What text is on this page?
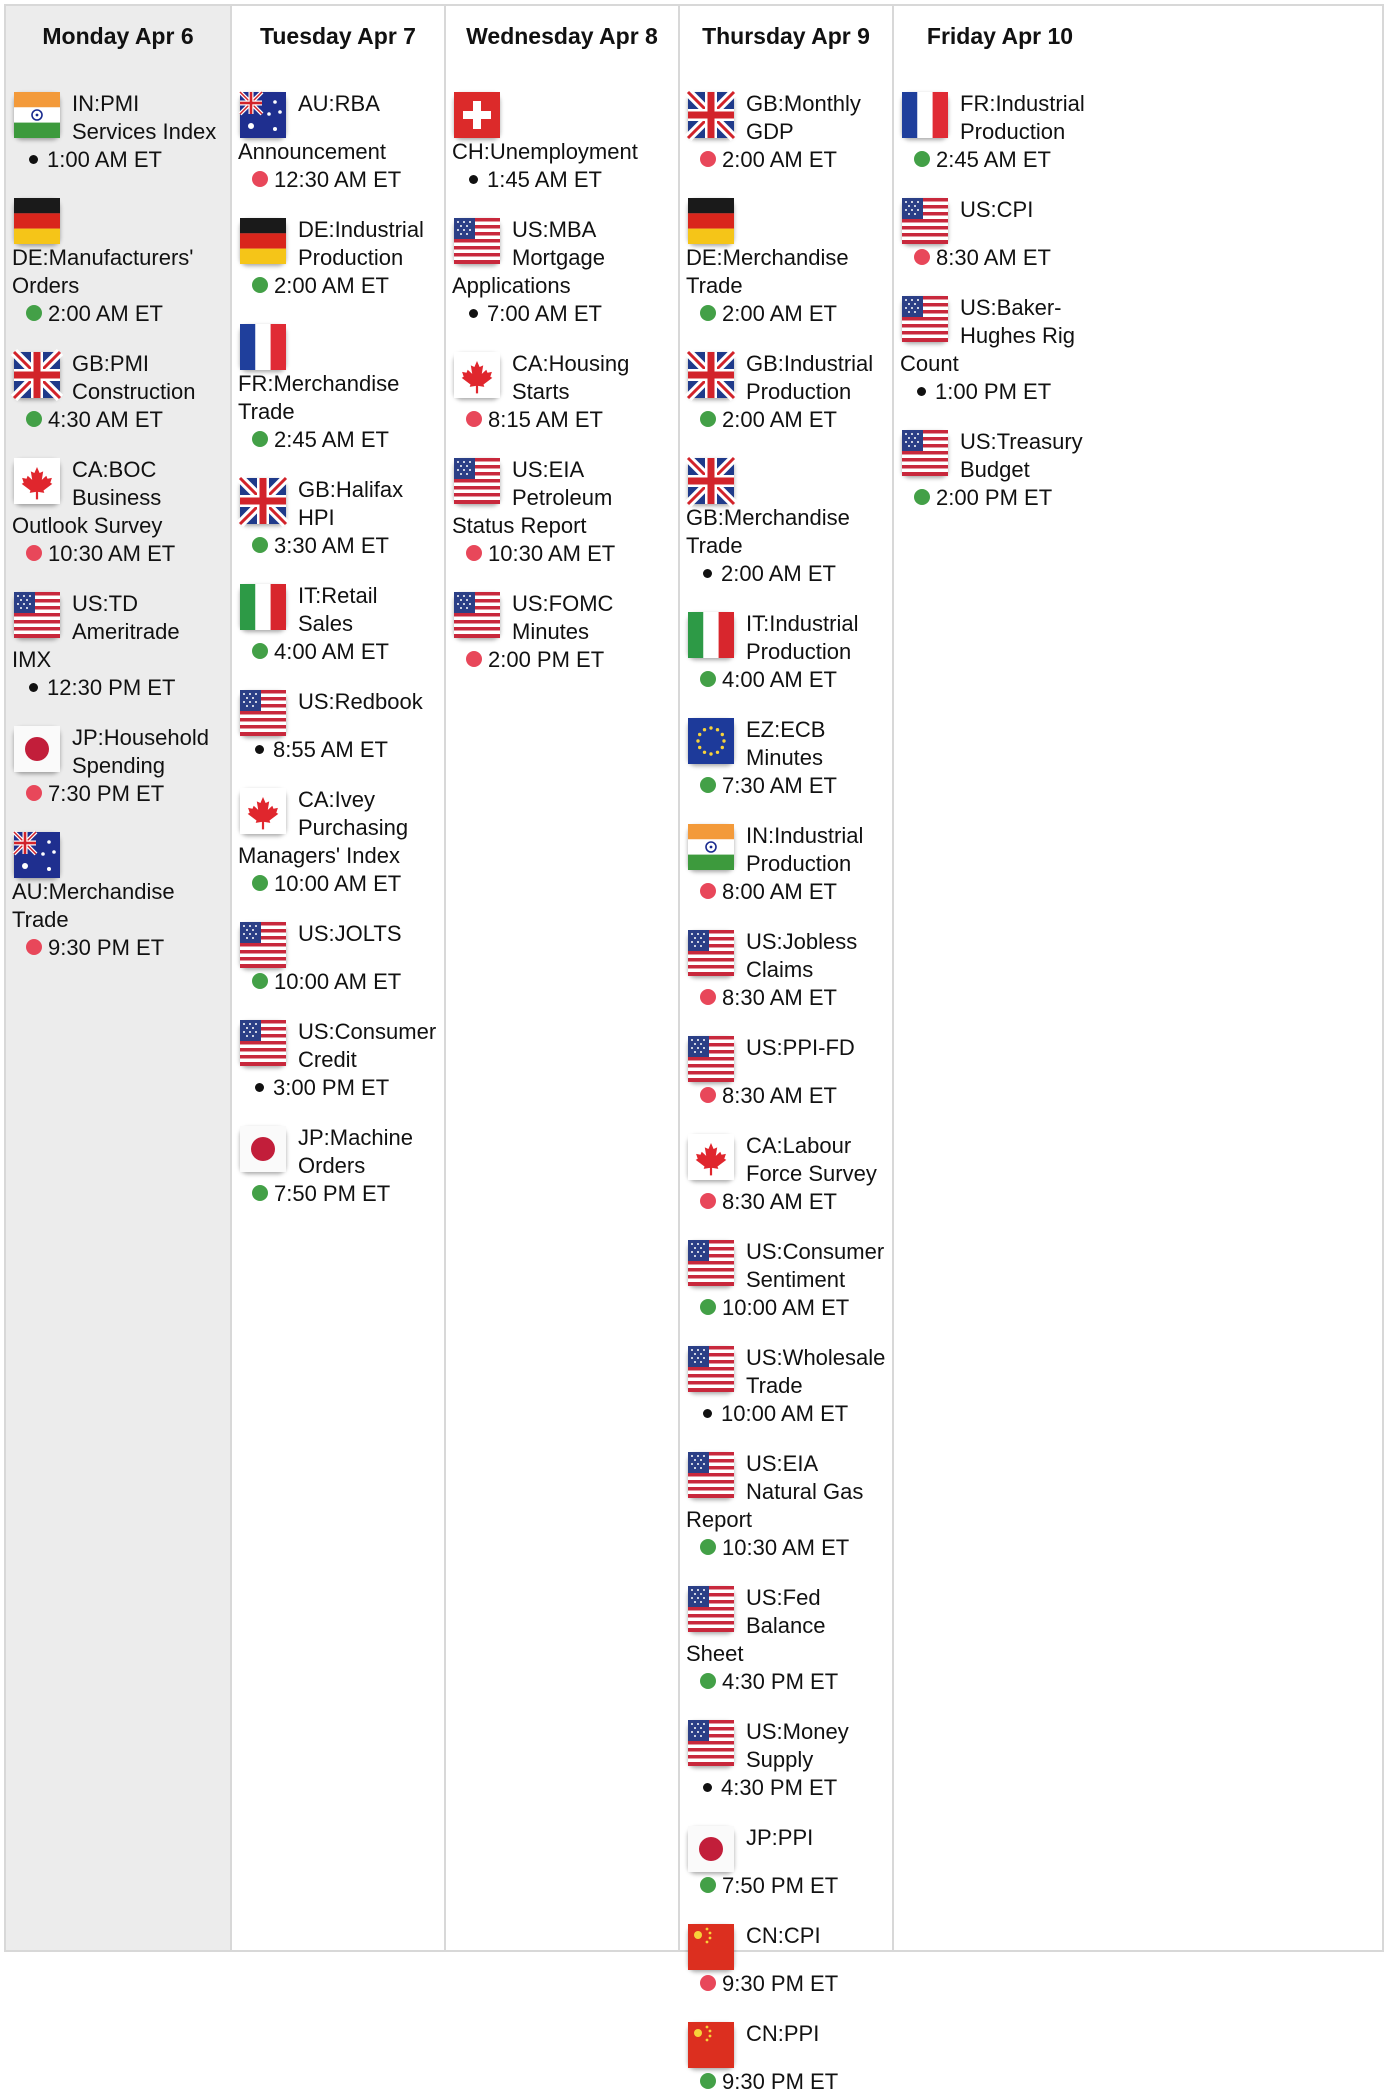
Monday Apr 6
IN:PMI Services Index
1:00 AM ET
DE:Manufacturers' Orders
2:00 AM ET
GB:PMI Construction
4:30 AM ET
CA:BOC Business Outlook Survey
10:30 AM ET
US:TD Ameritrade IMX
12:30 PM ET
JP:Household Spending
7:30 PM ET
AU:Merchandise Trade
9:30 PM ET
Tuesday Apr 7
AU:RBA Announcement
12:30 AM ET
DE:Industrial Production
2:00 AM ET
FR:Merchandise Trade
2:45 AM ET
GB:Halifax HPI
3:30 AM ET
IT:Retail Sales
4:00 AM ET
US:Redbook
8:55 AM ET
CA:Ivey Purchasing Managers' Index
10:00 AM ET
US:JOLTS
10:00 AM ET
US:Consumer Credit
3:00 PM ET
JP:Machine Orders
7:50 PM ET
Wednesday Apr 8
CH:Unemployment
1:45 AM ET
US:MBA Mortgage Applications
7:00 AM ET
CA:Housing Starts
8:15 AM ET
US:EIA Petroleum Status Report
10:30 AM ET
US:FOMC Minutes
2:00 PM ET
Thursday Apr 9
GB:Monthly GDP
2:00 AM ET
DE:Merchandise Trade
2:00 AM ET
GB:Industrial Production
2:00 AM ET
GB:Merchandise Trade
2:00 AM ET
IT:Industrial Production
4:00 AM ET
EZ:ECB Minutes
7:30 AM ET
IN:Industrial Production
8:00 AM ET
US:Jobless Claims
8:30 AM ET
US:PPI-FD
8:30 AM ET
CA:Labour Force Survey
8:30 AM ET
US:Consumer Sentiment
10:00 AM ET
US:Wholesale Trade
10:00 AM ET
US:EIA Natural Gas Report
10:30 AM ET
US:Fed Balance Sheet
4:30 PM ET
US:Money Supply
4:30 PM ET
JP:PPI
7:50 PM ET
CN:CPI
9:30 PM ET
CN:PPI
9:30 PM ET
Friday Apr 10
FR:Industrial Production
2:45 AM ET
US:CPI
8:30 AM ET
US:Baker-Hughes Rig Count
1:00 PM ET
US:Treasury Budget
2:00 PM ET
